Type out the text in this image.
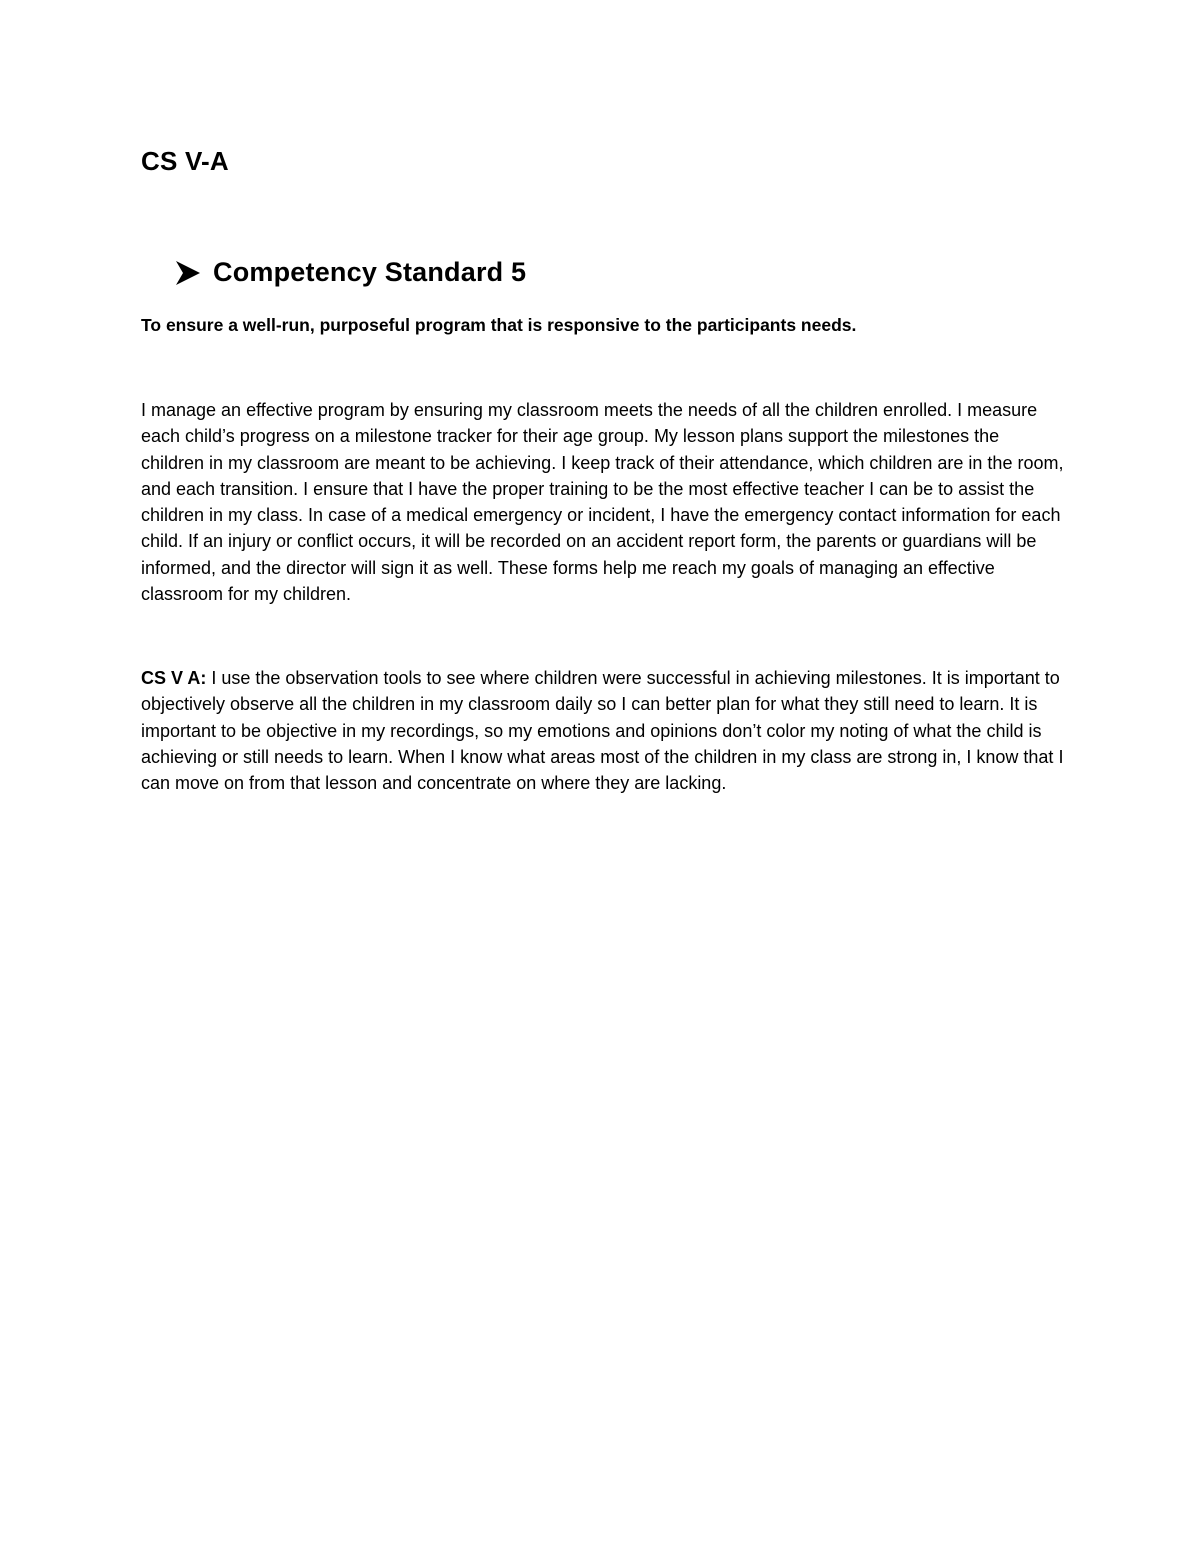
CS V-A
Competency Standard 5

To ensure a well-run, purposeful program that is responsive to the participants needs.

I manage an effective program by ensuring my classroom meets the needs of all the children enrolled. I measure each child’s progress on a milestone tracker for their age group. My lesson plans support the milestones the children in my classroom are meant to be achieving. I keep track of their attendance, which children are in the room, and each transition. I ensure that I have the proper training to be the most effective teacher I can be to assist the children in my class. In case of a medical emergency or incident, I have the emergency contact information for each child. If an injury or conflict occurs, it will be recorded on an accident report form, the parents or guardians will be informed, and the director will sign it as well. These forms help me reach my goals of managing an effective classroom for my children.

CS V A: I use the observation tools to see where children were successful in achieving milestones. It is important to objectively observe all the children in my classroom daily so I can better plan for what they still need to learn. It is important to be objective in my recordings, so my emotions and opinions don’t color my noting of what the child is achieving or still needs to learn. When I know what areas most of the children in my class are strong in, I know that I can move on from that lesson and concentrate on where they are lacking.
